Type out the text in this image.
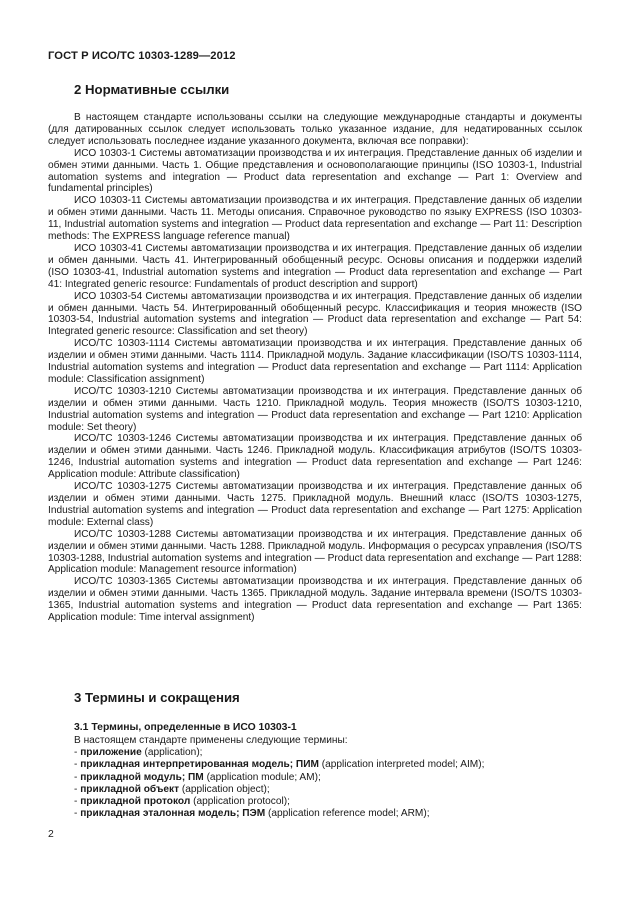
ГОСТ Р ИСО/ТС 10303-1289—2012
2 Нормативные ссылки

В настоящем стандарте использованы ссылки на следующие международные стандарты и документы (для датированных ссылок следует использовать только указанное издание, для недатированных ссылок следует использовать последнее издание указанного документа, включая все поправки):

ИСО 10303-1 Системы автоматизации производства и их интеграция. Представление данных об изделии и обмен этими данными. Часть 1. Общие представления и основополагающие принципы (ISO 10303-1, Industrial automation systems and integration — Product data representation and exchange — Part 1: Overview and fundamental principles)

ИСО 10303-11 Системы автоматизации производства и их интеграция. Представление данных об изделии и обмен этими данными. Часть 11. Методы описания. Справочное руководство по языку EXPRESS (ISO 10303-11, Industrial automation systems and integration — Product data representation and exchange — Part 11: Description methods: The EXPRESS language reference manual)

ИСО 10303-41 Системы автоматизации производства и их интеграция. Представление данных об изделии и обмен данными. Часть 41. Интегрированный обобщенный ресурс. Основы описания и поддержки изделий (ISO 10303-41, Industrial automation systems and integration — Product data representation and exchange — Part 41: Integrated generic resource: Fundamentals of product description and support)

ИСО 10303-54 Системы автоматизации производства и их интеграция. Представление данных об изделии и обмен данными. Часть 54. Интегрированный обобщенный ресурс. Классификация и теория множеств (ISO 10303-54, Industrial automation systems and integration — Product data representation and exchange — Part 54: Integrated generic resource: Classification and set theory)

ИСО/ТС 10303-1114 Системы автоматизации производства и их интеграция. Представление данных об изделии и обмен этими данными. Часть 1114. Прикладной модуль. Задание классификации (ISO/TS 10303-1114, Industrial automation systems and integration — Product data representation and exchange — Part 1114: Application module: Classification assignment)

ИСО/ТС 10303-1210 Системы автоматизации производства и их интеграция. Представление данных об изделии и обмен этими данными. Часть 1210. Прикладной модуль. Теория множеств (ISO/TS 10303-1210, Industrial automation systems and integration — Product data representation and exchange — Part 1210: Application module: Set theory)

ИСО/ТС 10303-1246 Системы автоматизации производства и их интеграция. Представление данных об изделии и обмен этими данными. Часть 1246. Прикладной модуль. Классификация атрибутов (ISO/TS 10303-1246, Industrial automation systems and integration — Product data representation and exchange — Part 1246: Application module: Attribute classification)

ИСО/ТС 10303-1275 Системы автоматизации производства и их интеграция. Представление данных об изделии и обмен этими данными. Часть 1275. Прикладной модуль. Внешний класс (ISO/TS 10303-1275, Industrial automation systems and integration — Product data representation and exchange — Part 1275: Application module: External class)

ИСО/ТС 10303-1288 Системы автоматизации производства и их интеграция. Представление данных об изделии и обмен этими данными. Часть 1288. Прикладной модуль. Информация о ресурсах управления (ISO/TS 10303-1288, Industrial automation systems and integration — Product data representation and exchange — Part 1288: Application module: Management resource information)

ИСО/ТС 10303-1365 Системы автоматизации производства и их интеграция. Представление данных об изделии и обмен этими данными. Часть 1365. Прикладной модуль. Задание интервала времени (ISO/TS 10303-1365, Industrial automation systems and integration — Product data representation and exchange — Part 1365: Application module: Time interval assignment)

3 Термины и сокращения
3.1 Термины, определенные в ИСО 10303-1

В настоящем стандарте применены следующие термины:

- приложение (application);

- прикладная интерпретированная модель; ПИМ (application interpreted model; AIM);

- прикладной модуль; ПМ (application module; AM);

- прикладной объект (application object);

- прикладной протокол (application protocol);

- прикладная эталонная модель; ПЭМ (application reference model; ARM);

2
